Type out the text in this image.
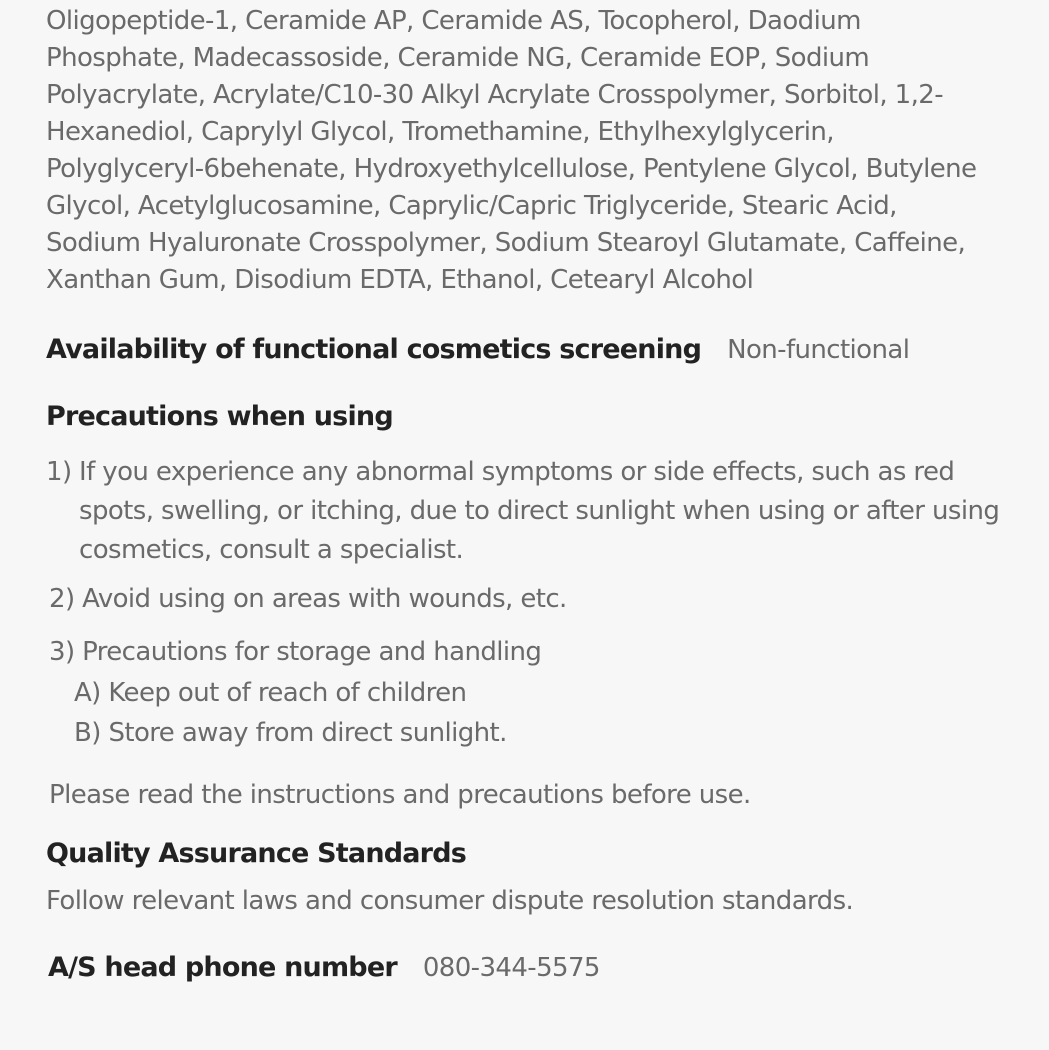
Oligopeptide-1, Ceramide AP, Ceramide AS, Tocopherol, Daodium
Phosphate, Madecassoside, Ceramide NG, Ceramide EOP, Sodium
Polyacrylate, Acrylate/C10-30 Alkyl Acrylate Crosspolymer, Sorbitol, 1,2-
Hexanediol, Caprylyl Glycol, Tromethamine, Ethylhexylglycerin,
Polyglyceryl-6behenate, Hydroxyethylcellulose, Pentylene Glycol, Butylene
Glycol, Acetylglucosamine, Caprylic/Capric Triglyceride, Stearic Acid,
Sodium Hyaluronate Crosspolymer, Sodium Stearoyl Glutamate, Caffeine,
Xanthan Gum, Disodium EDTA, Ethanol, Cetearyl Alcohol

Availability of functional cosmetics screening Non-functional
Precautions when using
1) If you experience any abnormal symptoms or side effects, such as red
spots, swelling, or itching, due to direct sunlight when using or after using
cosmetics, consult a specialist.
2) Avoid using on areas with wounds, etc.
3) Precautions for storage and handling
A) Keep out of reach of children
B) Store away from direct sunlight.
Please read the instructions and precautions before use.
Quality Assurance Standards
Follow relevant laws and consumer dispute resolution standards.
A/S head phone number 080-344-5575
